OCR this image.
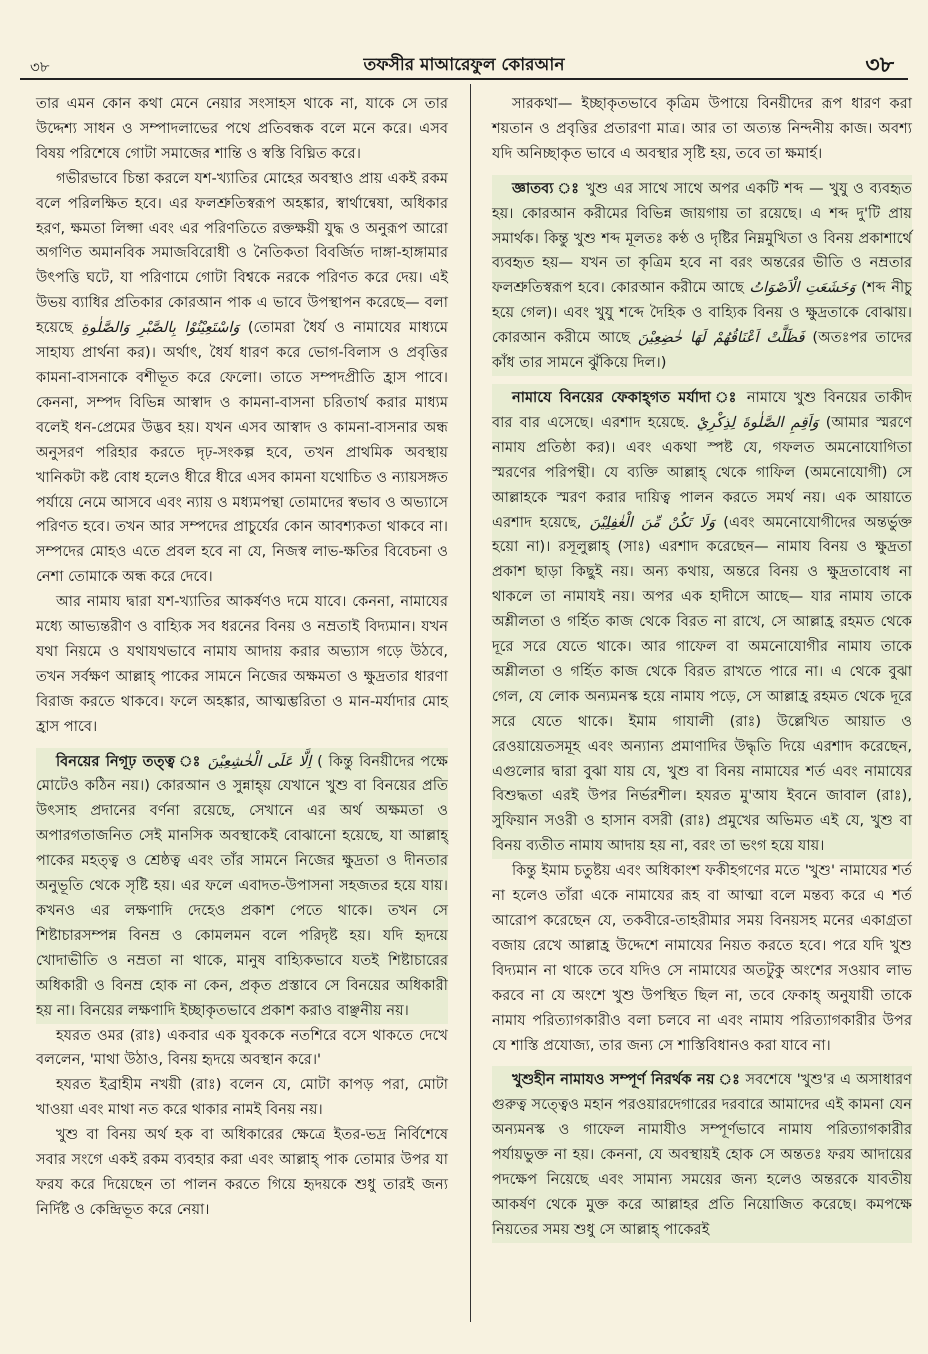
৩৮	তফসীর মাআরেফুল কোরআন	৩৮

তার এমন কোন কথা মেনে নেয়ার সংসাহস থাকে না, যাকে সে তার উদ্দেশ্য সাধন ও সম্পাদলাভের পথে প্রতিবন্ধক বলে মনে করে। এসব বিষয় পরিশেষে গোটা সমাজের শান্তি ও স্বস্তি বিঘ্নিত করে।

গভীরভাবে চিন্তা করলে যশ-খ্যাতির মোহের অবস্থাও প্রায় একই রকম বলে পরিলক্ষিত হবে। এর ফলশ্রুতিস্বরূপ অহঙ্কার, স্বার্থান্বেষা, অধিকার হরণ, ক্ষমতা লিপ্সা এবং এর পরিণতিতে রক্তক্ষয়ী যুদ্ধ ও অনুরূপ আরো অগণিত অমানবিক সমাজবিরোধী ও নৈতিকতা বিবর্জিত দাঙ্গা-হাঙ্গামার উৎপত্তি ঘটে, যা পরিণামে গোটা বিশ্বকে নরকে পরিণত করে দেয়। এই উভয় ব্যাধির প্রতিকার কোরআন পাক এ ভাবে উপস্থাপন করেছে— বলা হয়েছে وَاسْتَعِيْنُوْا بِالصَّبْرِ وَالصَّلٰوةِ (তোমরা ধৈর্য ও নামাযের মাধ্যমে সাহায্য প্রার্থনা কর)। অর্থাৎ, ধৈর্য ধারণ করে ভোগ-বিলাস ও প্রবৃত্তির কামনা-বাসনাকে বশীভূত করে ফেলো। তাতে সম্পদপ্রীতি হ্রাস পাবে। কেননা, সম্পদ বিভিন্ন আস্বাদ ও কামনা-বাসনা চরিতার্থ করার মাধ্যম বলেই ধন-প্রেমের উদ্ভব হয়। যখন এসব আস্বাদ ও কামনা-বাসনার অন্ধ অনুসরণ পরিহার করতে দৃঢ়-সংকল্প হবে, তখন প্রাথমিক অবস্থায় খানিকটা কষ্ট বোধ হলেও ধীরে ধীরে এসব কামনা যথোচিত ও ন্যায়সঙ্গত পর্যায়ে নেমে আসবে এবং ন্যায় ও মধ্যমপন্থা তোমাদের স্বভাব ও অভ্যাসে পরিণত হবে। তখন আর সম্পদের প্রাচুর্যের কোন আবশ্যকতা থাকবে না। সম্পদের মোহও এতে প্রবল হবে না যে, নিজস্ব লাভ-ক্ষতির বিবেচনা ও নেশা তোমাকে অন্ধ করে দেবে।

আর নামায দ্বারা যশ-খ্যাতির আকর্ষণও দমে যাবে। কেননা, নামাযের মধ্যে আভ্যন্তরীণ ও বাহ্যিক সব ধরনের বিনয় ও নম্রতাই বিদ্যমান। যখন যথা নিয়মে ও যথাযথভাবে নামায আদায় করার অভ্যাস গড়ে উঠবে, তখন সর্বক্ষণ আল্লাহ্ পাকের সামনে নিজের অক্ষমতা ও ক্ষুদ্রতার ধারণা বিরাজ করতে থাকবে। ফলে অহঙ্কার, আত্মম্ভরিতা ও মান-মর্যাদার মোহ হ্রাস পাবে।

বিনয়ের নিগূঢ় তত্ত্ব ঃ اِلَّا عَلَى الْخٰشِعِيْنَ ( কিন্তু বিনয়ীদের পক্ষে মোটেও কঠিন নয়।) কোরআন ও সুন্নাহ্য় যেখানে খুশু বা বিনয়ের প্রতি উৎসাহ প্রদানের বর্ণনা রয়েছে, সেখানে এর অর্থ অক্ষমতা ও অপারগতাজনিত সেই মানসিক অবস্থাকেই বোঝানো হয়েছে, যা আল্লাহ্ পাকের মহত্ত্ব ও শ্রেষ্ঠত্ব এবং তাঁর সামনে নিজের ক্ষুদ্রতা ও দীনতার অনুভূতি থেকে সৃষ্টি হয়। এর ফলে এবাদত-উপাসনা সহজতর হয়ে যায়। কখনও এর লক্ষণাদি দেহেও প্রকাশ পেতে থাকে। তখন সে শিষ্টাচারসম্পন্ন বিনম্র ও কোমলমন বলে পরিদৃষ্ট হয়। যদি হৃদয়ে খোদাভীতি ও নম্রতা না থাকে, মানুষ বাহ্যিকভাবে যতই শিষ্টাচারের অধিকারী ও বিনম্র হোক না কেন, প্রকৃত প্রস্তাবে সে বিনয়ের অধিকারী হয় না। বিনয়ের লক্ষণাদি ইচ্ছাকৃতভাবে প্রকাশ করাও বাঞ্ছনীয় নয়।

হযরত ওমর (রাঃ) একবার এক যুবককে নতশিরে বসে থাকতে দেখে বললেন, 'মাথা উঠাও, বিনয় হৃদয়ে অবস্থান করে।'

হযরত ইব্রাহীম নখয়ী (রাঃ) বলেন যে, মোটা কাপড় পরা, মোটা খাওয়া এবং মাথা নত করে থাকার নামই বিনয় নয়।

খুশু বা বিনয় অর্থ হক বা অধিকারের ক্ষেত্রে ইতর-ভদ্র নির্বিশেষে সবার সংগে একই রকম ব্যবহার করা এবং আল্লাহ্ পাক তোমার উপর যা ফরয করে দিয়েছেন তা পালন করতে গিয়ে হৃদয়কে শুধু তারই জন্য নির্দিষ্ট ও কেন্দ্রিভূত করে নেয়া।

সারকথা— ইচ্ছাকৃতভাবে কৃত্রিম উপায়ে বিনয়ীদের রূপ ধারণ করা শয়তান ও প্রবৃত্তির প্রতারণা মাত্র। আর তা অত্যন্ত নিন্দনীয় কাজ। অবশ্য যদি অনিচ্ছাকৃত ভাবে এ অবস্থার সৃষ্টি হয়, তবে তা ক্ষমার্হ।

জ্ঞাতব্য ঃ খুশু এর সাথে সাথে অপর একটি শব্দ — খুযু ও ব্যবহৃত হয়। কোরআন করীমের বিভিন্ন জায়গায় তা রয়েছে। এ শব্দ দু'টি প্রায় সমার্থক। কিন্তু খুশু শব্দ মূলতঃ কণ্ঠ ও দৃষ্টির নিম্নমুখিতা ও বিনয় প্রকাশার্থে ব্যবহৃত হয়— যখন তা কৃত্রিম হবে না বরং অন্তরের ভীতি ও নম্রতার ফলশ্রুতিস্বরূপ হবে। কোরআন করীমে আছে وَخَشَعَتِ الْاَصْوَاتُ (শব্দ নীচু হয়ে গেল)। এবং খুযু শব্দে দৈহিক ও বাহ্যিক বিনয় ও ক্ষুদ্রতাকে বোঝায়। কোরআন করীমে আছে فَظَلَّتْ اَعْنَاقُهُمْ لَهَا خٰضِعِيْنَ (অতঃপর তাদের কাঁধ তার সামনে ঝুঁকিয়ে দিল।)

নামাযে বিনয়ের ফেকাহ্গত মর্যাদা ঃ নামাযে খুশু বিনয়ের তাকীদ বার বার এসেছে। এরশাদ হয়েছে. وَاَقِمِ الصَّلٰوةَ لِذِكْرِيْ (আমার স্মরণে নামায প্রতিষ্ঠা কর)। এবং একথা স্পষ্ট যে, গফলত অমনোযোগিতা স্মরণের পরিপন্থী। যে ব্যক্তি আল্লাহ্ থেকে গাফিল (অমনোযোগী) সে আল্লাহকে স্মরণ করার দায়িত্ব পালন করতে সমর্থ নয়। এক আয়াতে এরশাদ হয়েছে, وَلَا تَكُنْ مِّنَ الْغٰفِلِيْنَ (এবং অমনোযোগীদের অন্তর্ভুক্ত হয়ো না)। রসূলুল্লাহ্ (সাঃ) এরশাদ করেছেন— নামায বিনয় ও ক্ষুদ্রতা প্রকাশ ছাড়া কিছুই নয়। অন্য কথায়, অন্তরে বিনয় ও ক্ষুদ্রতাবোধ না থাকলে তা নামাযই নয়। অপর এক হাদীসে আছে— যার নামায তাকে অশ্লীলতা ও গর্হিত কাজ থেকে বিরত না রাখে, সে আল্লাহ্র রহমত থেকে দূরে সরে যেতে থাকে। আর গাফেল বা অমনোযোগীর নামায তাকে অশ্লীলতা ও গর্হিত কাজ থেকে বিরত রাখতে পারে না। এ থেকে বুঝা গেল, যে লোক অন্যমনস্ক হয়ে নামায পড়ে, সে আল্লাহ্র রহমত থেকে দূরে সরে যেতে থাকে। ইমাম গাযালী (রাঃ) উল্লেখিত আয়াত ও রেওয়ায়েতসমূহ এবং অন্যান্য প্রমাণাদির উদ্ধৃতি দিয়ে এরশাদ করেছেন, এগুলোর দ্বারা বুঝা যায় যে, খুশু বা বিনয় নামাযের শর্ত এবং নামাযের বিশুদ্ধতা এরই উপর নির্ভরশীল। হযরত মু'আয ইবনে জাবাল (রাঃ), সুফিয়ান সওরী ও হাসান বসরী (রাঃ) প্রমুখের অভিমত এই যে, খুশু বা বিনয় ব্যতীত নামায আদায় হয় না, বরং তা ভংগ হয়ে যায়।

কিন্তু ইমাম চতুষ্টয় এবং অধিকাংশ ফকীহগণের মতে 'খুশু' নামাযের শর্ত না হলেও তাঁরা একে নামাযের রূহ বা আত্মা বলে মন্তব্য করে এ শর্ত আরোপ করেছেন যে, তকবীরে-তাহরীমার সময় বিনয়সহ মনের একাগ্রতা বজায় রেখে আল্লাহ্র উদ্দেশে নামাযের নিয়ত করতে হবে। পরে যদি খুশু বিদ্যমান না থাকে তবে যদিও সে নামাযের অতটুকু অংশের সওয়াব লাভ করবে না যে অংশে খুশু উপস্থিত ছিল না, তবে ফেকাহ্ অনুযায়ী তাকে নামায পরিত্যাগকারীও বলা চলবে না এবং নামায পরিত্যাগকারীর উপর যে শাস্তি প্রযোজ্য, তার জন্য সে শাস্তিবিধানও করা যাবে না।

খুশুহীন নামাযও সম্পূর্ণ নিরর্থক নয় ঃ সবশেষে 'খুশু'র এ অসাধারণ গুরুত্ব সত্ত্বেও মহান পরওয়ারদেগারের দরবারে আমাদের এই কামনা যেন অন্যমনস্ক ও গাফেল নামাযীও সম্পূর্ণভাবে নামায পরিত্যাগকারীর পর্যায়ভুক্ত না হয়। কেননা, যে অবস্থায়ই হোক সে অন্ততঃ ফরয আদায়ের পদক্ষেপ নিয়েছে এবং সামান্য সময়ের জন্য হলেও অন্তরকে যাবতীয় আকর্ষণ থেকে মুক্ত করে আল্লাহর প্রতি নিয়োজিত করেছে। কমপক্ষে নিয়তের সময় শুধু সে আল্লাহ্ পাকেরই
